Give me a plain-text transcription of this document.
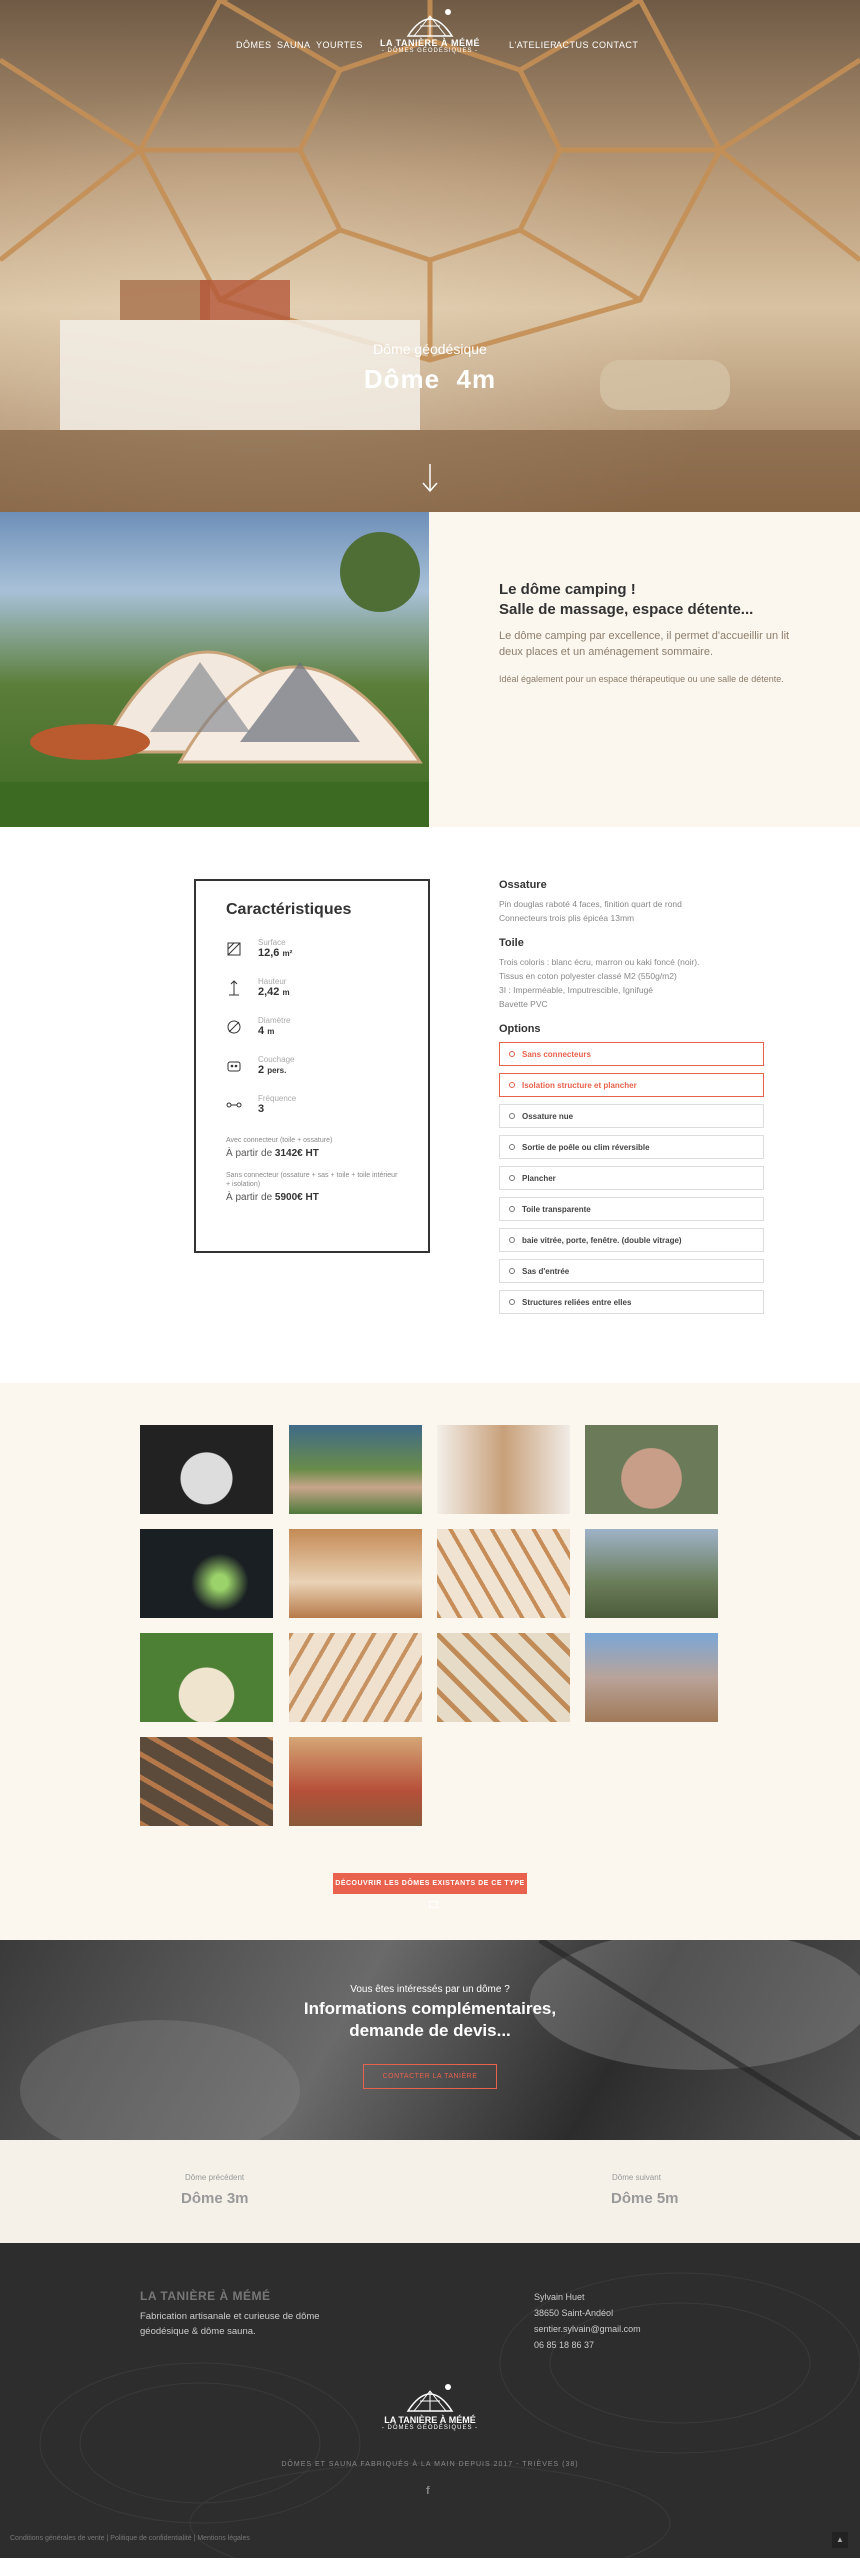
DÔMES SAUNA YOURTES	L'ATELIER
ACTUS CONTACT
LA TANIÈRE À MÉMÉ
- DÔMES GÉODÉSIQUES -
Dôme géodésique
Dôme  4m
Le dôme camping !
Salle de massage, espace détente...

Le dôme camping par excellence, il permet d'accueillir un lit deux places et un aménagement sommaire.

Idéal également pour un espace thérapeutique ou une salle de détente.

Caractéristiques
Surface
12,6 m²
Hauteur
2,42 m
Diamètre
4 m
Couchage
2 pers.
Fréquence
3
Avec connecteur (toile + ossature)
À partir de 3142€ HT
Sans connecteur (ossature + sas + toile + toile intérieur + isolation)
À partir de 5900€ HT
Ossature

Pin douglas raboté 4 faces, finition quart de rond

Connecteurs trois plis épicéa 13mm

Toile

Trois coloris : blanc écru, marron ou kaki foncé (noir).

Tissus en coton polyester classé M2 (550g/m2)

3I : Imperméable, Imputrescible, Ignifugé

Bavette PVC

Options
Sans connecteurs
Isolation structure et plancher
Ossature nue
Sortie de poêle ou clim réversible
Plancher
Toile transparente
baie vitrée, porte, fenêtre. (double vitrage)
Sas d'entrée
Structures reliées entre elles
DÉCOUVRIR LES DÔMES EXISTANTS DE CE TYPE
Vous êtes intéressés par un dôme ?
Informations complémentaires,
demande de devis...
CONTACTER LA TANIÈRE
Dôme précédent
Dôme 3m
Dôme suivant
Dôme 5m
LA TANIÈRE À MÉMÉ
Fabrication artisanale et curieuse de dôme géodésique & dôme sauna.
Sylvain Huet
38650 Saint-Andéol
sentier.sylvain@gmail.com
06 85 18 86 37
LA TANIÈRE À MÉMÉ
- DÔMES GÉODÉSIQUES -
DÔMES ET SAUNA FABRIQUÉS À LA MAIN DEPUIS 2017 - TRIÈVES (38)
f
Conditions générales de vente | Politique de confidentialité | Mentions légales	▲
